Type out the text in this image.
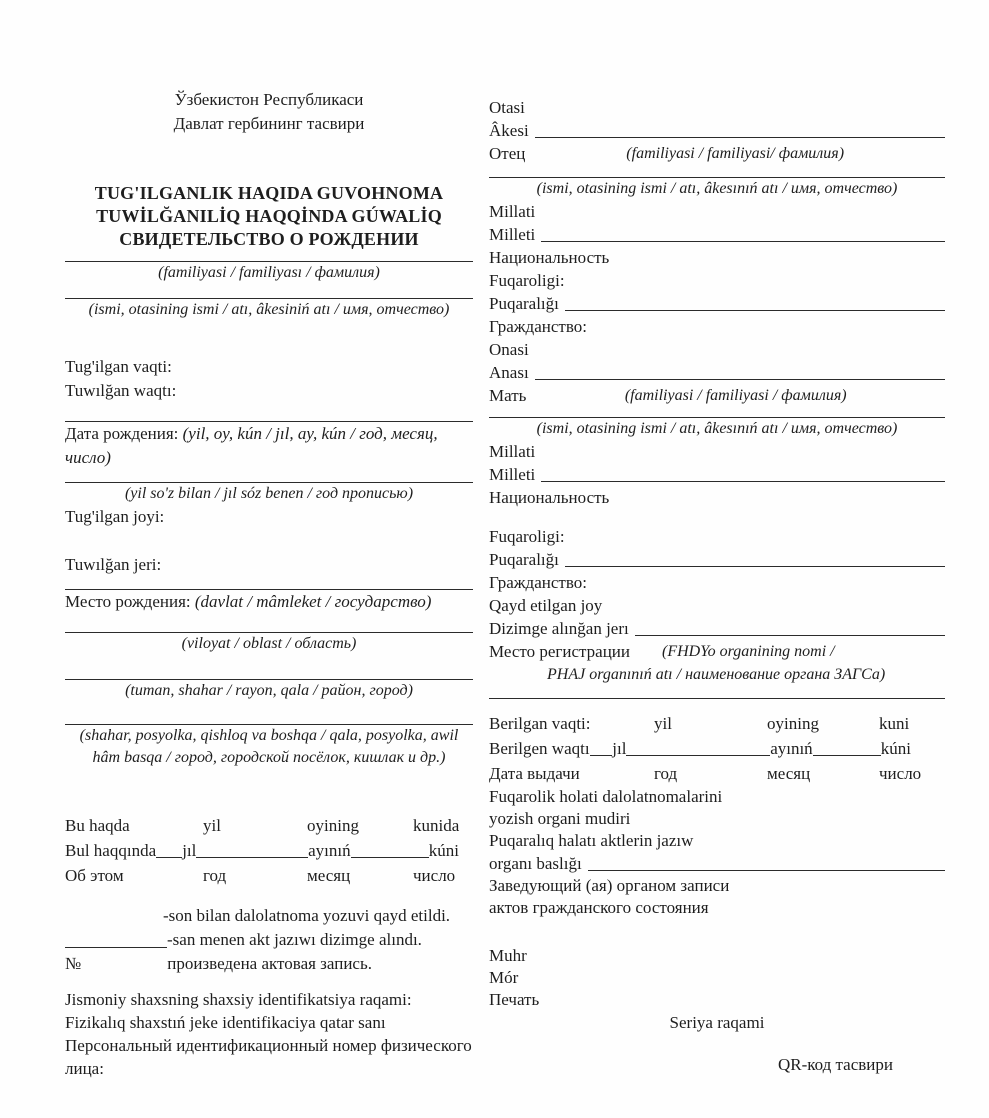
Ўзбекистон Республикаси
Давлат гербининг тасвири
TUG'ILGANLIK HAQIDA GUVOHNOMA
TUWİLĞANILİQ HAQQİNDA GÚWALİQ
СВИДЕТЕЛЬСТВО О РОЖДЕНИИ
(familiyasi / familiyası / фамилия)
(ismi, otasining ismi / atı, âkesiniń atı / имя, отчество)
Tug'ilgan vaqti:
Tuwılğan waqtı:
Дата рождения: (yil, oy, kún / jıl, ay, kún / год, месяц, число)
(yil so'z bilan / jıl sóz benen / год прописью)
Tug'ilgan joyi:
Tuwılğan jeri:
Место рождения: (davlat / mâmleket / государство)
(viloyat / oblast / область)
(tuman, shahar / rayon, qala / район, город)
(shahar, posyolka, qishloq va boshqa / qala, posyolka, awil hâm basqa / город, городской посёлок, кишлак и др.)
Bu haqda	yil	oyining	kunida
Bul haqqında jıl	ayınıń	kúni
Об этом	год	месяц	число
-son bilan dalolatnoma yozuvi qayd etildi.
-san menen akt jazıwı dizimge alındı.
№	произведена актовая запись.
Jismoniy shaxsning shaxsiy identifikatsiya raqami:
Fizikalıq shaxstıń jeke identifikaciya qatar sanı
Персональный идентификационный номер физического
лица:
Otasi
Âkesi
Отец	(familiyasi / familiyasi/ фамилия)
(ismi, otasining ismi / atı, âkesınıń atı / имя, отчество)
Millati
Milleti
Национальность
Fuqaroligi:
Puqaralığı
Гражданство:
Onasi
Anası
Мать	(familiyasi / familiyasi / фамилия)
(ismi, otasining ismi / atı, âkesınıń atı / имя, отчество)
Millati
Milleti
Национальность
Fuqaroligi:
Puqaralığı
Гражданство:
Qayd etilgan joy
Dizimge alınğan jerı
Место регистрации (FHDYo organining nomi /
PHAJ organınıń atı / наименование органа ЗАГСа)
Berilgan vaqti:	yil	oyining	kuni
Berilgen waqtı jıl	ayınıń	kúni
Дата выдачи	год	месяц	число
Fuqarolik holati dalolatnomalarini
yozish organi mudiri
Puqaralıq halatı aktlerin jazıw
organı baslığı
Заведующий (ая) органом записи
актов гражданского состояния
Muhr
Mór
Печать
Seriya raqami
QR-код тасвири
